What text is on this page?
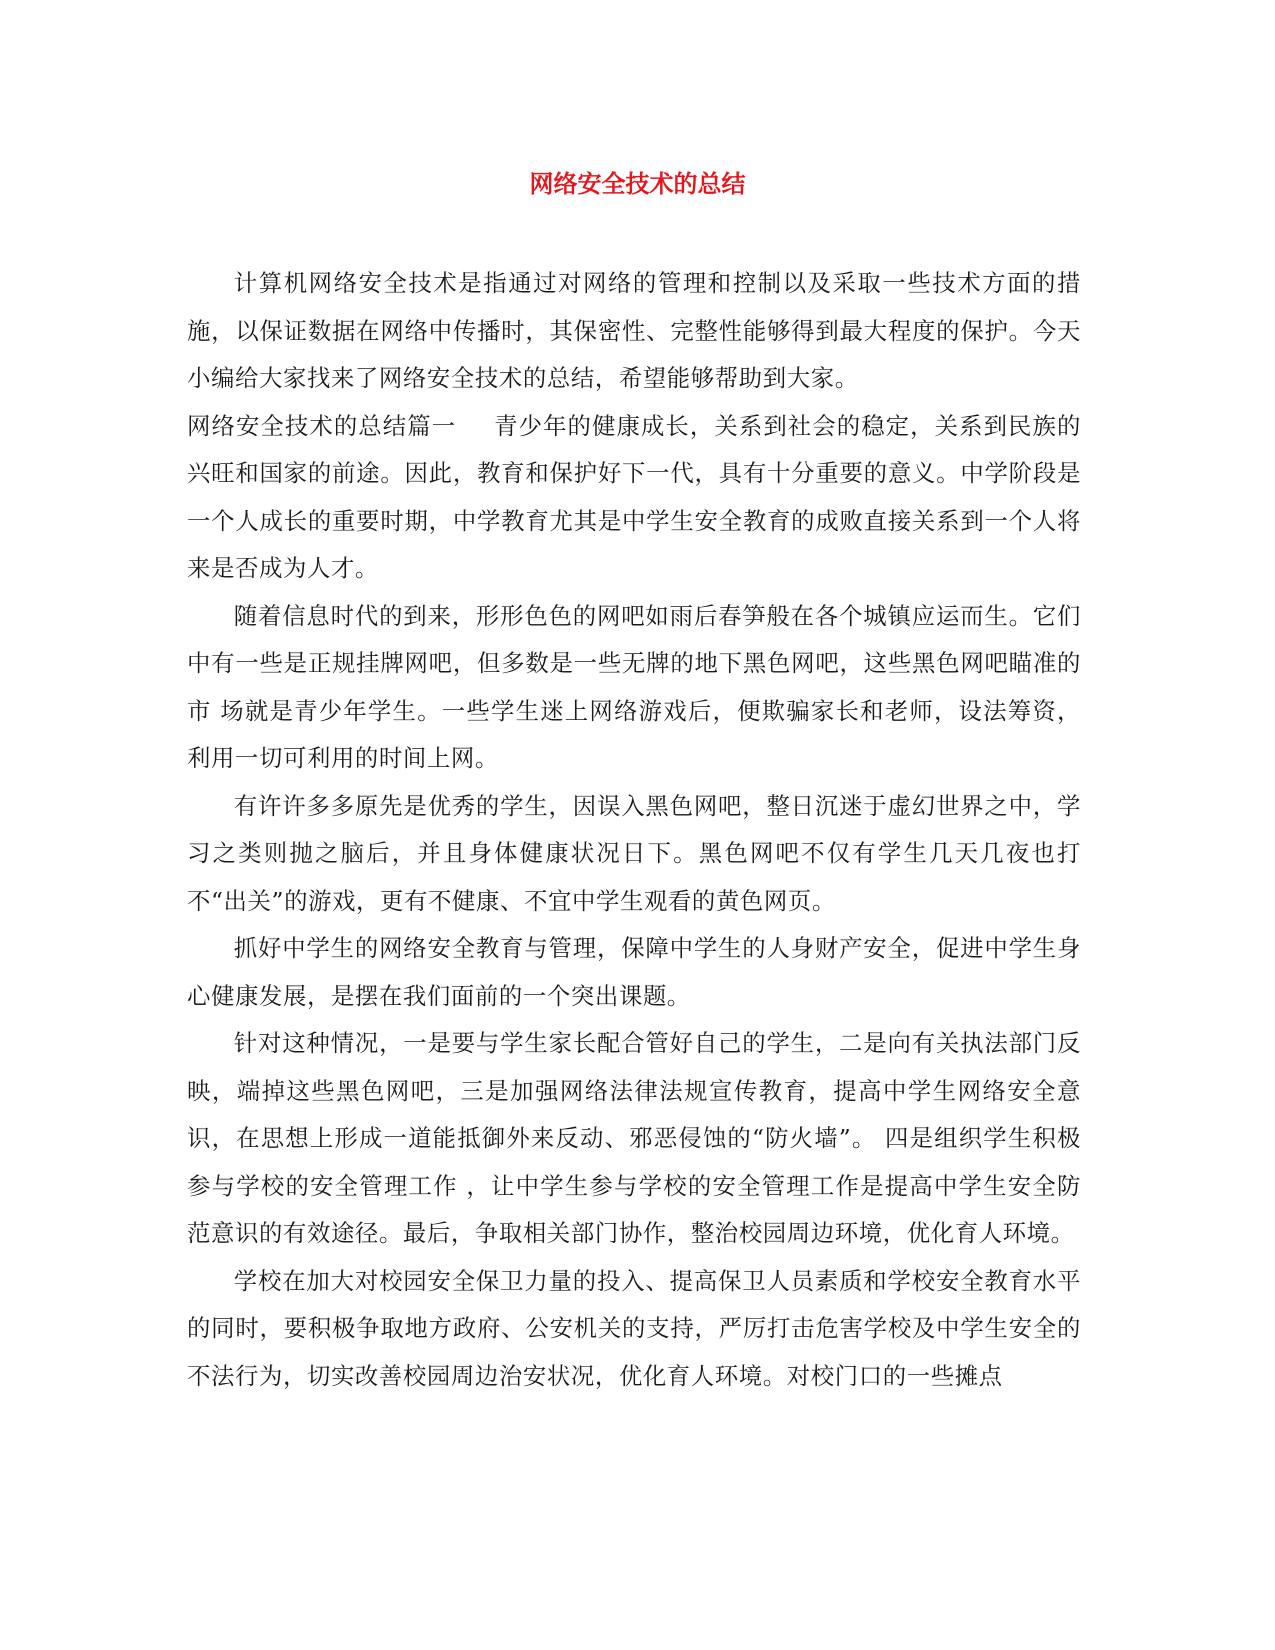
网络安全技术的总结

计算机网络安全技术是指通过对网络的管理和控制以及采取一些技术方面的措施，以保证数据在网络中传播时，其保密性、完整性能够得到最大程度的保护。今天小编给大家找来了网络安全技术的总结，希望能够帮助到大家。

网络安全技术的总结篇一 青少年的健康成长，关系到社会的稳定，关系到民族的兴旺和国家的前途。因此，教育和保护好下一代，具有十分重要的意义。中学阶段是一个人成长的重要时期，中学教育尤其是中学生安全教育的成败直接关系到一个人将来是否成为人才。

随着信息时代的到来，形形色色的网吧如雨后春笋般在各个城镇应运而生。它们中有一些是正规挂牌网吧，但多数是一些无牌的地下黑色网吧，这些黑色网吧瞄准的市 场就是青少年学生。一些学生迷上网络游戏后，便欺骗家长和老师，设法筹资，利用一切可利用的时间上网。

有许许多多原先是优秀的学生，因误入黑色网吧，整日沉迷于虚幻世界之中，学习之类则抛之脑后，并且身体健康状况日下。黑色网吧不仅有学生几天几夜也打不“出关”的游戏，更有不健康、不宜中学生观看的黄色网页。

抓好中学生的网络安全教育与管理，保障中学生的人身财产安全，促进中学生身心健康发展，是摆在我们面前的一个突出课题。

针对这种情况，一是要与学生家长配合管好自己的学生，二是向有关执法部门反映，端掉这些黑色网吧，三是加强网络法律法规宣传教育，提高中学生网络安全意识，在思想上形成一道能抵御外来反动、邪恶侵蚀的“防火墙”。 四是组织学生积极参与学校的安全管理工作 ，让中学生参与学校的安全管理工作是提高中学生安全防范意识的有效途径。最后，争取相关部门协作，整治校园周边环境，优化育人环境。

学校在加大对校园安全保卫力量的投入、提高保卫人员素质和学校安全教育水平的同时，要积极争取地方政府、公安机关的支持，严厉打击危害学校及中学生安全的不法行为，切实改善校园周边治安状况，优化育人环境。对校门口的一些摊点
